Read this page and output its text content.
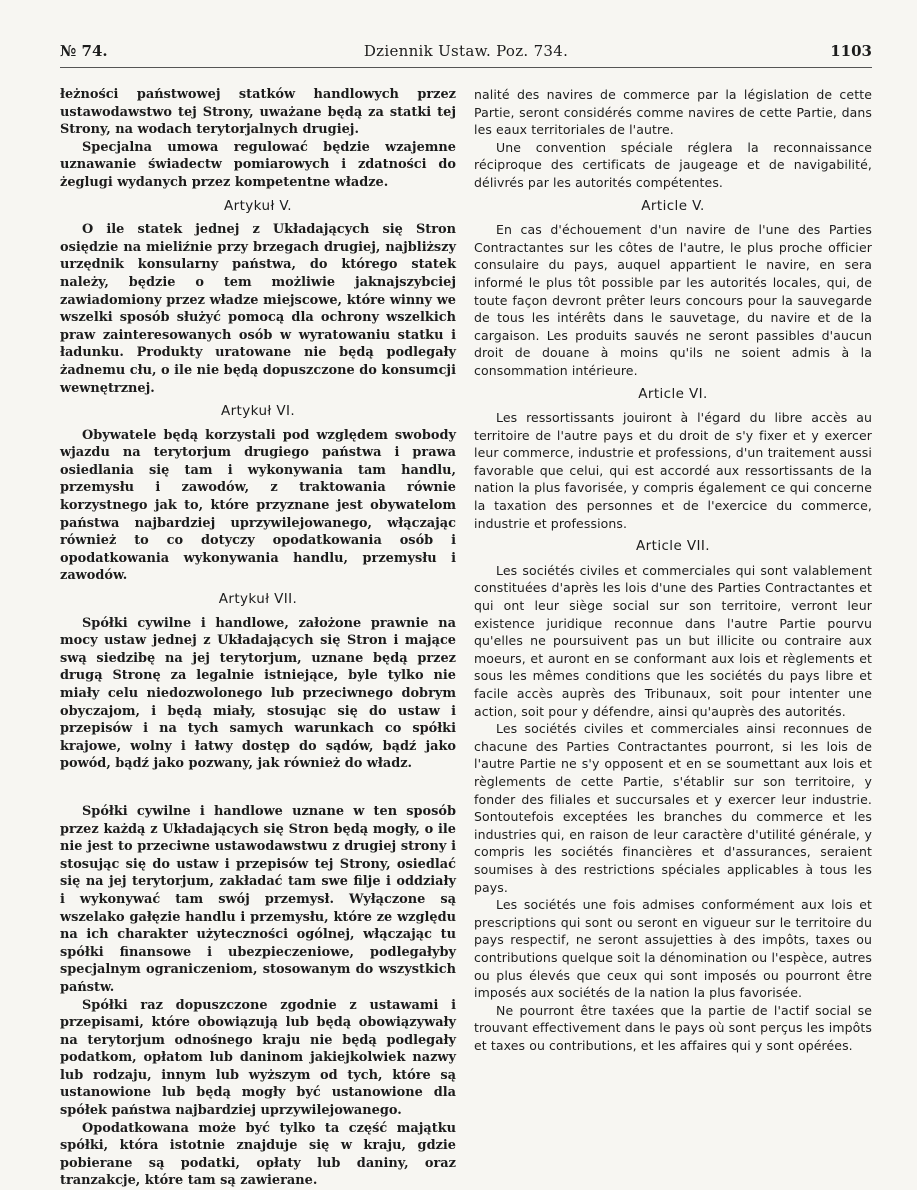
№ 74.	Dziennik Ustaw. Poz. 734.	1103

łeżności państwowej statków handlowych przez ustawodawstwo tej Strony, uważane będą za statki tej Strony, na wodach terytorjalnych drugiej.

Specjalna umowa regulować będzie wzajemne uznawanie świadectw pomiarowych i zdatności do żeglugi wydanych przez kompetentne władze.

Artykuł V.

O ile statek jednej z Układających się Stron osiędzie na mieliźnie przy brzegach drugiej, najbliższy urzędnik konsularny państwa, do którego statek należy, będzie o tem możliwie jaknajszybciej zawiadomiony przez władze miejscowe, które winny we wszelki sposób służyć pomocą dla ochrony wszelkich praw zainteresowanych osób w wyratowaniu statku i ładunku. Produkty uratowane nie będą podlegały żadnemu cłu, o ile nie będą dopuszczone do konsumcji wewnętrznej.

Artykuł VI.

Obywatele będą korzystali pod względem swobody wjazdu na terytorjum drugiego państwa i prawa osiedlania się tam i wykonywania tam handlu, przemysłu i zawodów, z traktowania równie korzystnego jak to, które przyznane jest obywatelom państwa najbardziej uprzywilejowanego, włączając również to co dotyczy opodatkowania osób i opodatkowania wykonywania handlu, przemysłu i zawodów.

Artykuł VII.

Spółki cywilne i handlowe, założone prawnie na mocy ustaw jednej z Układających się Stron i mające swą siedzibę na jej terytorjum, uznane będą przez drugą Stronę za legalnie istniejące, byle tylko nie miały celu niedozwolonego lub przeciwnego dobrym obyczajom, i będą miały, stosując się do ustaw i przepisów i na tych samych warunkach co spółki krajowe, wolny i łatwy dostęp do sądów, bądź jako powód, bądź jako pozwany, jak również do władz.

Spółki cywilne i handlowe uznane w ten sposób przez każdą z Układających się Stron będą mogły, o ile nie jest to przeciwne ustawodawstwu z drugiej strony i stosując się do ustaw i przepisów tej Strony, osiedlać się na jej terytorjum, zakładać tam swe filje i oddziały i wykonywać tam swój przemysł. Wyłączone są wszelako gałęzie handlu i przemysłu, które ze względu na ich charakter użyteczności ogólnej, włączając tu spółki finansowe i ubezpieczeniowe, podlegałyby specjalnym ograniczeniom, stosowanym do wszystkich państw.

Spółki raz dopuszczone zgodnie z ustawami i przepisami, które obowiązują lub będą obowiązywały na terytorjum odnośnego kraju nie będą podlegały podatkom, opłatom lub daninom jakiejkolwiek nazwy lub rodzaju, innym lub wyższym od tych, które są ustanowione lub będą mogły być ustanowione dla spółek państwa najbardziej uprzywilejowanego.

Opodatkowana może być tylko ta część majątku spółki, która istotnie znajduje się w kraju, gdzie pobierane są podatki, opłaty lub daniny, oraz tranzakcje, które tam są zawierane.

nalité des navires de commerce par la législation de cette Partie, seront considérés comme navires de cette Partie, dans les eaux territoriales de l'autre.

Une convention spéciale réglera la reconnaissance réciproque des certificats de jaugeage et de navigabilité, délivrés par les autorités compétentes.

Article V.

En cas d'échouement d'un navire de l'une des Parties Contractantes sur les côtes de l'autre, le plus proche officier consulaire du pays, auquel appartient le navire, en sera informé le plus tôt possible par les autorités locales, qui, de toute façon devront prêter leurs concours pour la sauvegarde de tous les intérêts dans le sauvetage, du navire et de la cargaison. Les produits sauvés ne seront passibles d'aucun droit de douane à moins qu'ils ne soient admis à la consommation intérieure.

Article VI.

Les ressortissants jouiront à l'égard du libre accès au territoire de l'autre pays et du droit de s'y fixer et y exercer leur commerce, industrie et professions, d'un traitement aussi favorable que celui, qui est accordé aux ressortissants de la nation la plus favorisée, y compris également ce qui concerne la taxation des personnes et de l'exercice du commerce, industrie et professions.

Article VII.

Les sociétés civiles et commerciales qui sont valablement constituées d'après les lois d'une des Parties Contractantes et qui ont leur siège social sur son territoire, verront leur existence juridique reconnue dans l'autre Partie pourvu qu'elles ne poursuivent pas un but illicite ou contraire aux moeurs, et auront en se conformant aux lois et règlements et sous les mêmes conditions que les sociétés du pays libre et facile accès auprès des Tribunaux, soit pour intenter une action, soit pour y défendre, ainsi qu'auprès des autorités.

Les sociétés civiles et commerciales ainsi reconnues de chacune des Parties Contractantes pourront, si les lois de l'autre Partie ne s'y opposent et en se soumettant aux lois et règlements de cette Partie, s'établir sur son territoire, y fonder des filiales et succursales et y exercer leur industrie. Sontoutefois exceptées les branches du commerce et les industries qui, en raison de leur caractère d'utilité générale, y compris les sociétés financières et d'assurances, seraient soumises à des restrictions spéciales applicables à tous les pays.

Les sociétés une fois admises conformément aux lois et prescriptions qui sont ou seront en vigueur sur le territoire du pays respectif, ne seront assujetties à des impôts, taxes ou contributions quelque soit la dénomination ou l'espèce, autres ou plus élevés que ceux qui sont imposés ou pourront être imposés aux sociétés de la nation la plus favorisée.

Ne pourront être taxées que la partie de l'actif social se trouvant effectivement dans le pays où sont perçus les impôts et taxes ou contributions, et les affaires qui y sont opérées.
